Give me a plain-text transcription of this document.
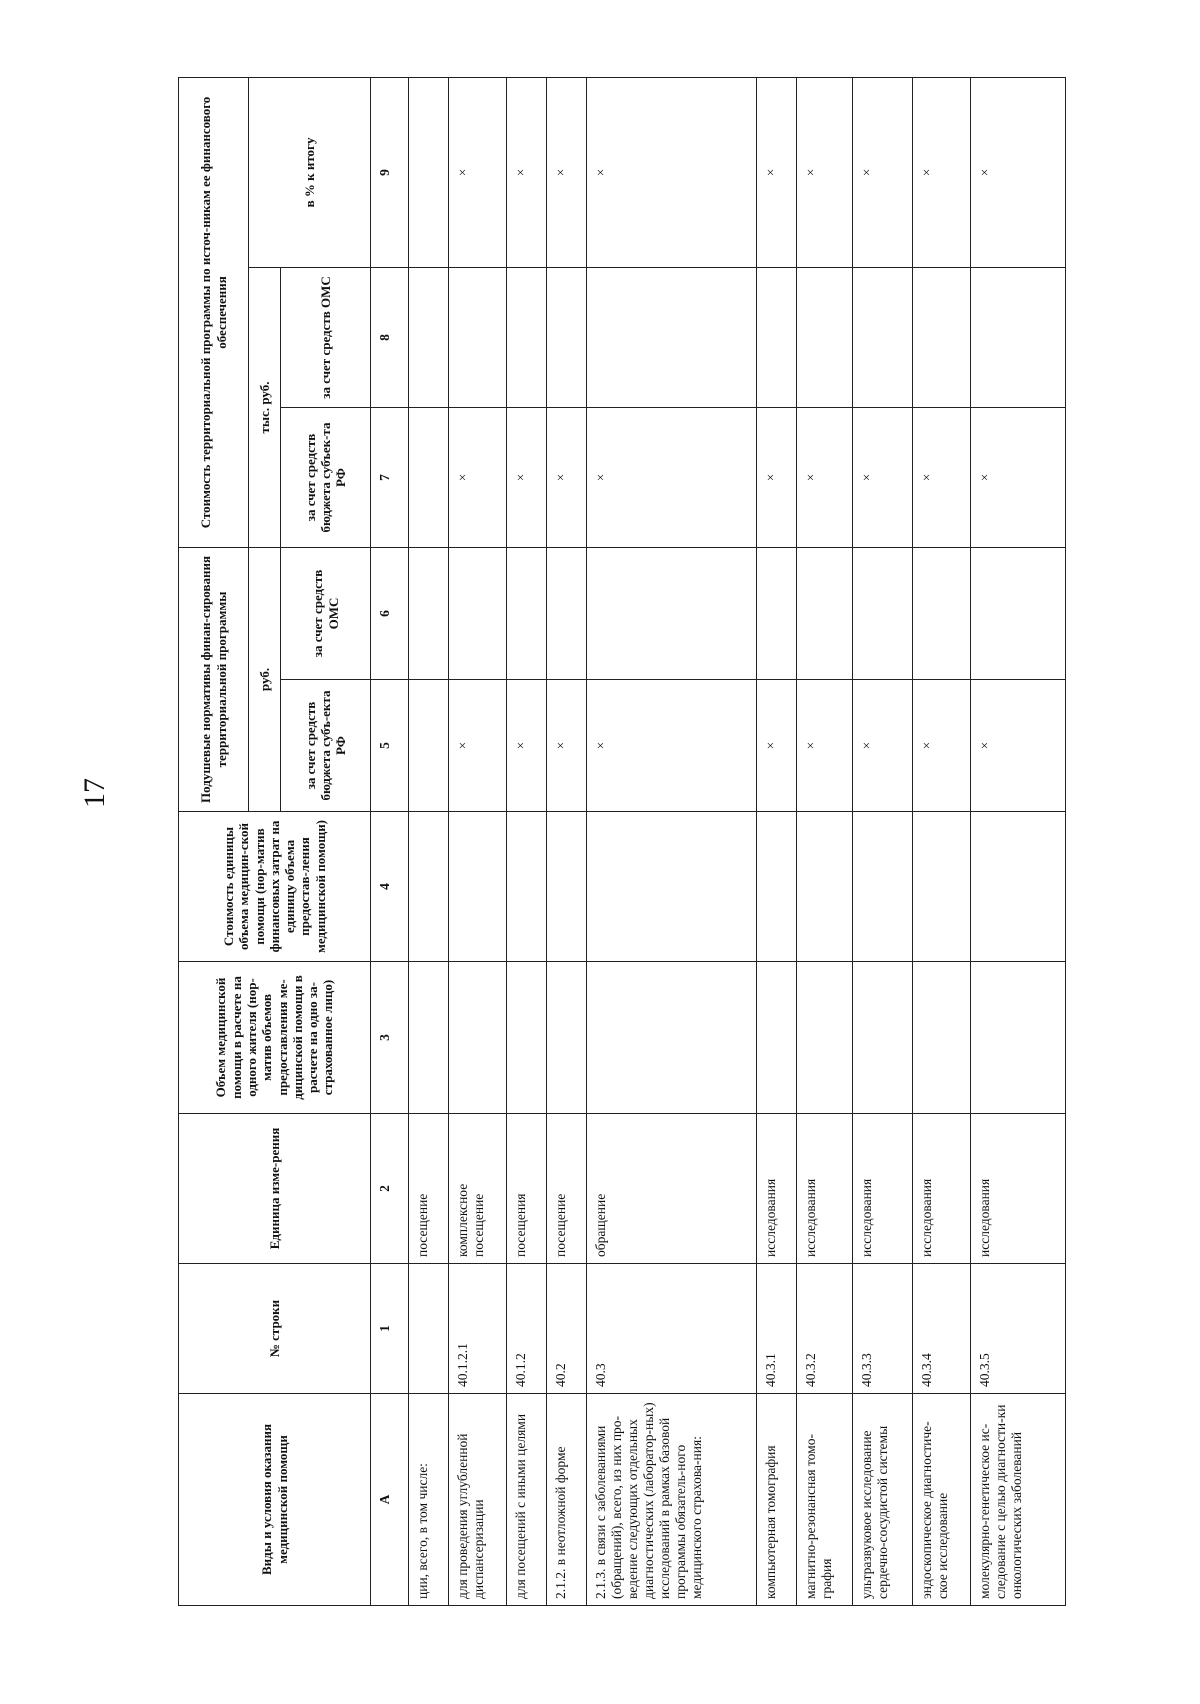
17
Виды и условия оказания медицинской помощи	№ строки	Единица изме-рения	Объем медицинской помощи в расчете на одного жителя (нор-матив объемов предоставления ме-дицинской помощи в расчете на одно за-страхованное лицо)	Стоимость единицы объема медицин-ской помощи (нор-матив финансовых затрат на единицу объема предостав-ления медицинской помощи)	Подушевые нормативы финан-сирования территориальной программы		Стоимость территориальной программы по источ-никам ее финансового обеспечения		
					руб.		тыс. руб.		в % к итогу
					за счет средств бюджета субъ-екта РФ	за счет средств ОМС	за счет средств бюджета субъек-та РФ	за счет средств ОМС	
А	1	2	3	4	5	6	7	8	9
ции, всего, в том числе:		посещение							
для проведения углубленной диспансеризации	40.1.2.1	комплексное посещение			×		×		×
для посещений с иными целями	40.1.2	посещения			×		×		×
2.1.2. в неотложной форме	40.2	посещение			×		×		×
2.1.3. в связи с заболеваниями (обращений), всего, из них про-ведение следующих отдельных диагностических (лаборатор-ных) исследований в рамках базовой программы обязатель-ного медицинского страхова-ния:	40.3	обращение			×		×		×
компьютерная томография	40.3.1	исследования			×		×		×
магнитно-резонансная томо-графия	40.3.2	исследования			×		×		×
ультразвуковое исследование сердечно-сосудистой системы	40.3.3	исследования			×		×		×
эндоскопическое диагностиче-ское исследование	40.3.4	исследования			×		×		×
молекулярно-генетическое ис-следование с целью диагности-ки онкологических заболеваний	40.3.5	исследования			×		×		×
